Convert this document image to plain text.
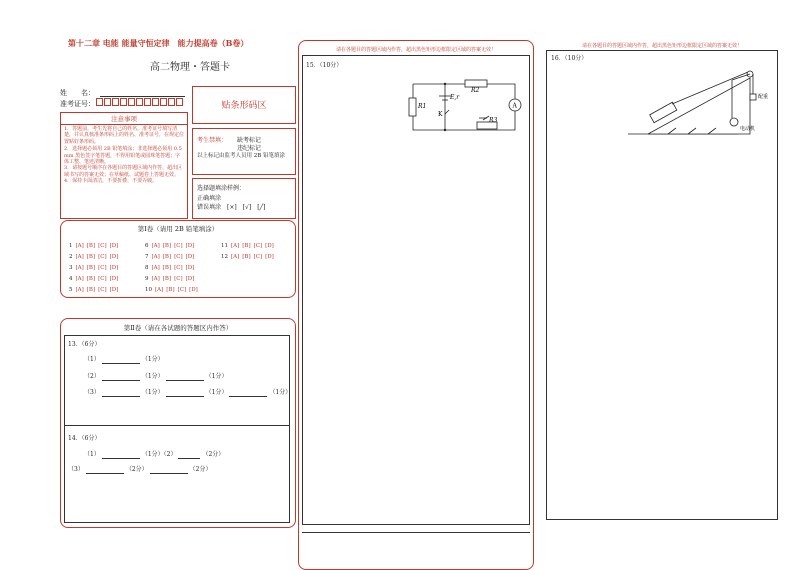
第十二章 电能 能量守恒定律　能力提高卷（B卷）
高二物理・答题卡
姓　　名：
准考证号：	贴条形码区
注意事项
1．答题前，考生先将自己的姓名，准考证号填写清楚，并认真核准条形码上的姓名、准考证号，在规定位置贴好条形码。
2．选择题必须用 2B 铅笔填涂；非选择题必须用 0.5 mm 黑色签字笔答题，不得用铅笔或圆珠笔答题；字体工整、笔迹清晰。
3．请按题号顺序在各题目的答题区域内作答，超出区域书写的答案无效；在草稿纸、试题卷上答题无效。
4．保持卡面清洁，不要折叠，不要弄破。
考生禁填： 缺考标记
违纪标记
以上标记由监考人员用 2B 铅笔填涂
选择题填涂样例：
正确填涂
错误填涂 [×]　[√]　[╱]
第Ⅰ卷（请用 2B 铅笔填涂）
1 [A] [B] [C] [D]
2 [A] [B] [C] [D]
3 [A] [B] [C] [D]
4 [A] [B] [C] [D]
5 [A] [B] [C] [D]
6 [A] [B] [C] [D]
7 [A] [B] [C] [D]
8 [A] [B] [C] [D]
9 [A] [B] [C] [D]
10 [A] [B] [C] [D]
11 [A] [B] [C] [D]
12 [A] [B] [C] [D]
第Ⅱ卷（请在各试题的答题区内作答）
13．（6分）
（1）	（1分）
（2）	（1分）	（1分）
（3）	（1分）	（1分）	（1分）
14．（6分）
（1）	（1分）（2）	（2分）
（3）	（2分）	（2分）
请在各题目的答题区域内作答，超出黑色矩形边框限定区域的答案无效！
15．（10分）
R1
R2
R3
E,r
K
A
请在各题目的答题区域内作答，超出黑色矩形边框限定区域的答案无效！
16．（10分）
配重
电动机
